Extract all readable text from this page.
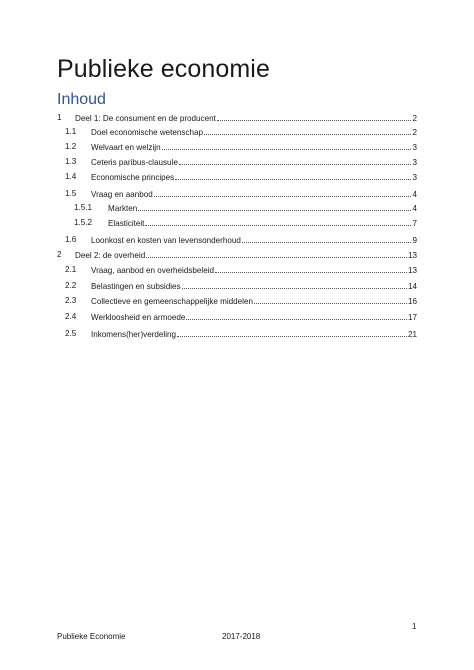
Publieke economie
Inhoud
1 Deel 1: De consument en de producent	2
1.1 Doel economische wetenschap	2
1.2 Welvaart en welzijn	3
1.3 Ceteris paribus-clausule	3
1.4 Economische principes	3
1.5 Vraag en aanbod	4
1.5.1 Markten	4
1.5.2 Elasticiteit	7
1.6 Loonkost en kosten van levensonderhoud	9
2 Deel 2: de overheid	13
2.1 Vraag, aanbod en overheidsbeleid	13
2.2 Belastingen en subsidies	14
2.3 Collectieve en gemeenschappelijke middelen	16
2.4 Werkloosheid en armoede	17
2.5 Inkomens(her)verdeling	21
1
Publieke Economie	2017-2018
